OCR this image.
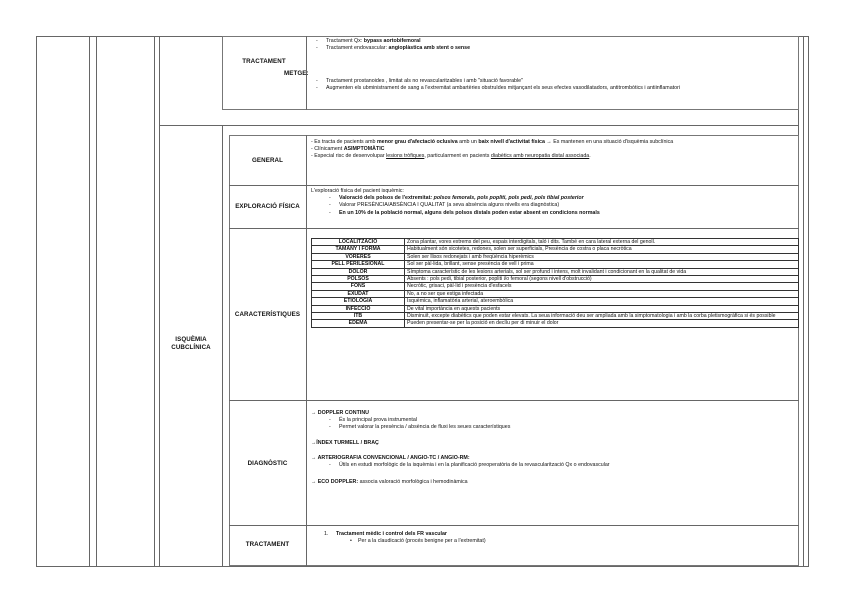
TRACTAMENT
- Tractament Qx: bypass aortobifemoral
- Tractament endovascular: angioplàstica amb stent o sense
METGE:
- Tractament prostanoides , limitat als no revascularitzables i amb "situació favorable"
- Augmenten els ubministrament de sang a l'extremitat ambartèries obstruïdes mitjançant els seus efectes vasodilatadors, antitrombòtics i antiinflamatori
ISQUÈMIA CUBCLÍNICA
GENERAL
- Es tracta de pacients amb menor grau d'afectació oclusiva amb un baix nivell d'activitat física → Es mantenen en una situació d'isquèmia subclínica
- Clínicament ASIMPTOMÀTIC
- Especial risc de desenvolupar lesions tròfiques, particularment en pacients diabètics amb neuropatia distal associada.
EXPLORACIÓ FÍSICA
L'exploració física del pacient isquèmic:
- Valoració dels polsos de l'extremitat: polsos femorals, pols popliti, pols pedi, pols tibial posterior
- Valorar PRESÈNCIA/ABSÈNCIA I QUALITAT (a seva absència alguns nivells era diagnòstica)
- En un 10% de la població normal, alguns dels polsos distals poden estar absent en condicions normals
CARACTERÍSTIQUES
LOCALITZACIÓ	Zona plantar, vores extrems del peu, espais interdigitals, taló i dits. També en cara lateral externa del genoll.
TAMANY I FORMA	Habitualment són xicotetes, redones, solen ser superficials, Presència de costra o placa necròtica
VORERES	Solen ser llisos redonejats i amb freqüència hiperèmics
PELL PERILESIONAL	Sol ser pàl·lida, brillant, sense presència de vell i prima
DOLOR	Símptoma característic de les lesions arterials, sol ser profund i intens, molt invalidant i condicionant en la qualitat de vida
POLSOS	Absents : pols pedi, tibial posterior, popliti i/o femoral (segons nivell d'obstrucció)
FONS	Necròtic, grisaci, pàl·lid i presència d'esfacels
EXUDAT	No, a no ser que estiga infectada
ETIOLOGIA	Isquèmica, inflamatòria arterial, ateroembòlica
INFECCIÓ	De vital importància en aquests pacients
ITB	Disminuït, excepte diabètics que poden estar elevats. La seua informació deu ser ampliada amb la simptomatologia i amb la corba pletismogràfica si és possible
EDEMA	Pueden presentar-se per la posició en declíu per di minuir el dolor
DIAGNÒSTIC
→ DOPPLER CONTINU
- És la principal prova instrumental
- Permet valorar la presència / absència de fluxi les seues característiques
→ÍNDEX TURMELL / BRAÇ
→ ARTERIOGRAFIA CONVENCIONAL / ANGIO-TC / ANGIO-RM:
- Útils en estudi morfològic de la isquèmia i en la planificació preoperatòria de la revascularització Qx o endovascular
→ ECO DOPPLER: associa valoració morfològica i hemodinàmica
TRACTAMENT
1. Tractament mèdic i control dels FR vascular
• Per a la claudicació (procés benigne per a l'extremitat)
